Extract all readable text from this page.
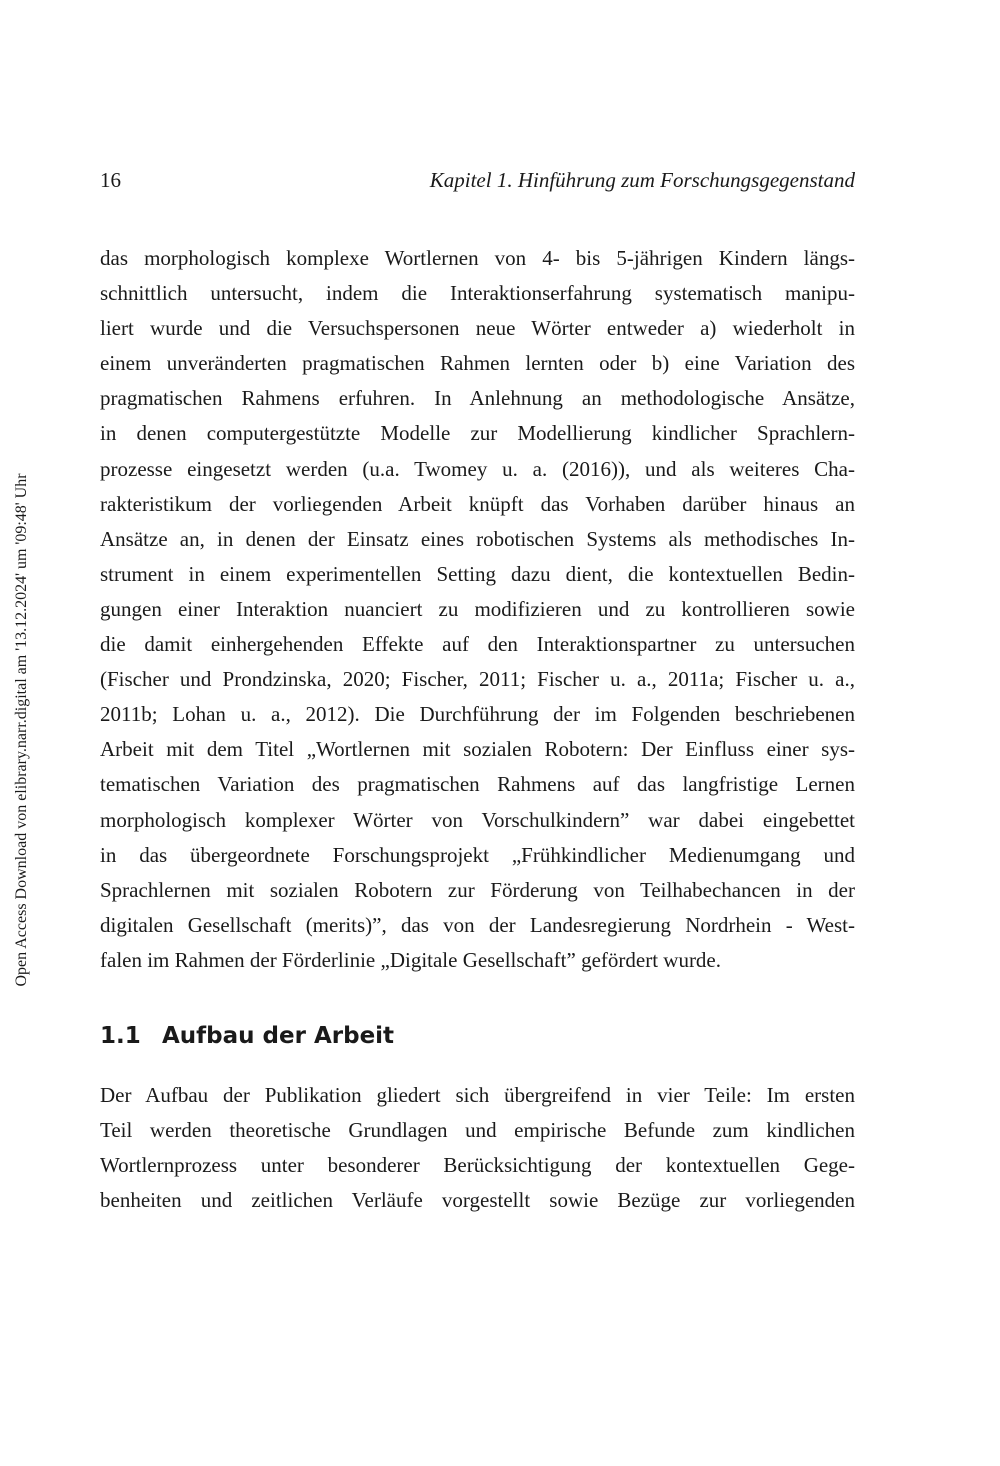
16	Kapitel 1. Hinführung zum Forschungsgegenstand
Open Access Download von elibrary.narr.digital am '13.12.2024' um '09:48' Uhr
das morphologisch komplexe Wortlernen von 4- bis 5-jährigen Kindern längs-
schnittlich untersucht, indem die Interaktionserfahrung systematisch manipu-
liert wurde und die Versuchspersonen neue Wörter entweder a) wiederholt in
einem unveränderten pragmatischen Rahmen lernten oder b) eine Variation des
pragmatischen Rahmens erfuhren. In Anlehnung an methodologische Ansätze,
in denen computergestützte Modelle zur Modellierung kindlicher Sprachlern-
prozesse eingesetzt werden (u.a. Twomey u. a. (2016)), und als weiteres Cha-
rakteristikum der vorliegenden Arbeit knüpft das Vorhaben darüber hinaus an
Ansätze an, in denen der Einsatz eines robotischen Systems als methodisches In-
strument in einem experimentellen Setting dazu dient, die kontextuellen Bedin-
gungen einer Interaktion nuanciert zu modifizieren und zu kontrollieren sowie
die damit einhergehenden Effekte auf den Interaktionspartner zu untersuchen
(Fischer und Prondzinska, 2020; Fischer, 2011; Fischer u. a., 2011a; Fischer u. a.,
2011b; Lohan u. a., 2012). Die Durchführung der im Folgenden beschriebenen
Arbeit mit dem Titel „Wortlernen mit sozialen Robotern: Der Einfluss einer sys-
tematischen Variation des pragmatischen Rahmens auf das langfristige Lernen
morphologisch komplexer Wörter von Vorschulkindern” war dabei eingebettet
in das übergeordnete Forschungsprojekt „Frühkindlicher Medienumgang und
Sprachlernen mit sozialen Robotern zur Förderung von Teilhabechancen in der
digitalen Gesellschaft (merits)”, das von der Landesregierung Nordrhein - West-
falen im Rahmen der Förderlinie „Digitale Gesellschaft” gefördert wurde.
1.1 Aufbau der Arbeit
Der Aufbau der Publikation gliedert sich übergreifend in vier Teile: Im ersten
Teil werden theoretische Grundlagen und empirische Befunde zum kindlichen
Wortlernprozess unter besonderer Berücksichtigung der kontextuellen Gege-
benheiten und zeitlichen Verläufe vorgestellt sowie Bezüge zur vorliegenden
